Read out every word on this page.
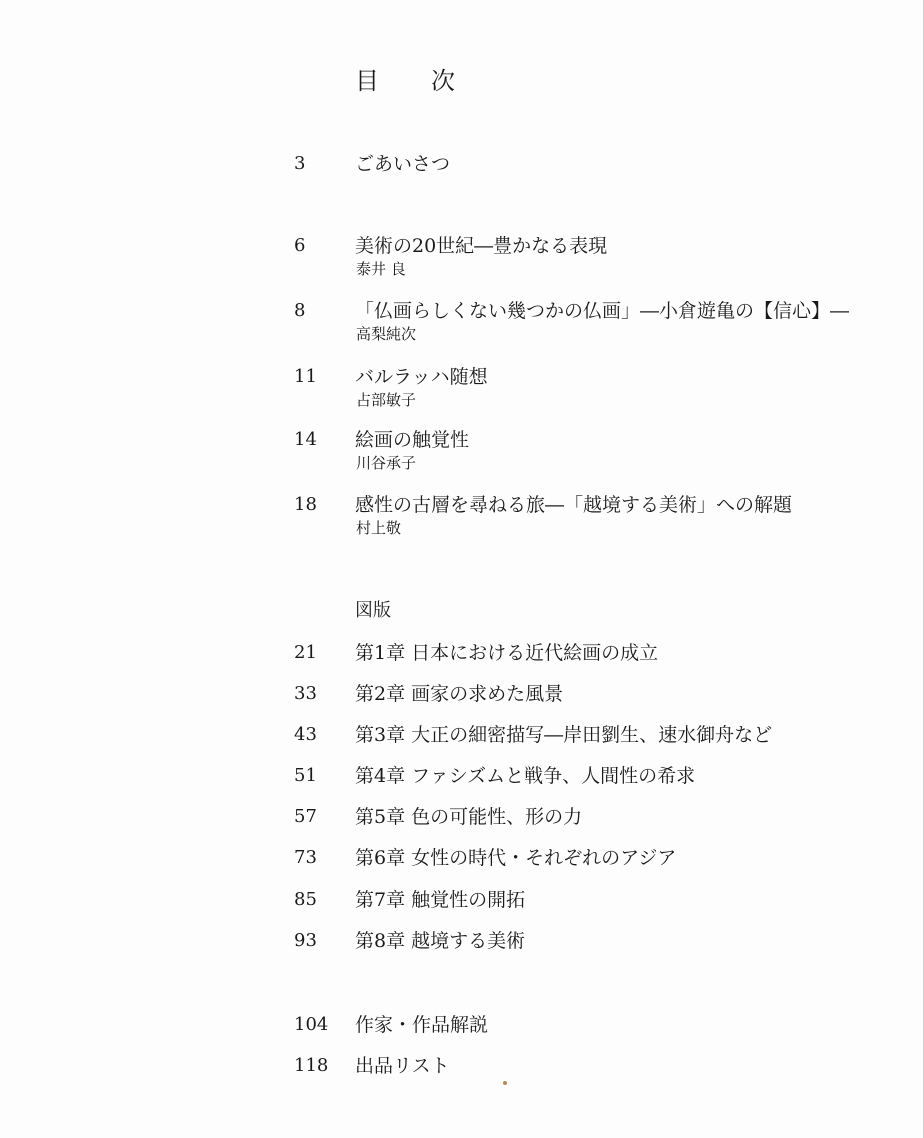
目　次
3	ごあいさつ
6	美術の20世紀―豊かなる表現
泰井 良
8	「仏画らしくない幾つかの仏画」―小倉遊亀の【信心】―
高梨純次
11 バルラッハ随想
占部敏子
14 絵画の触覚性
川谷承子
18 感性の古層を尋ねる旅―「越境する美術」への解題
村上敬
図版
21 第1章 日本における近代絵画の成立
33 第2章 画家の求めた風景
43 第3章 大正の細密描写―岸田劉生、速水御舟など
51 第4章 ファシズムと戦争、人間性の希求
57 第5章 色の可能性、形の力
73 第6章 女性の時代・それぞれのアジア
85 第7章 触覚性の開拓
93 第8章 越境する美術
104 作家・作品解説
118 出品リスト
